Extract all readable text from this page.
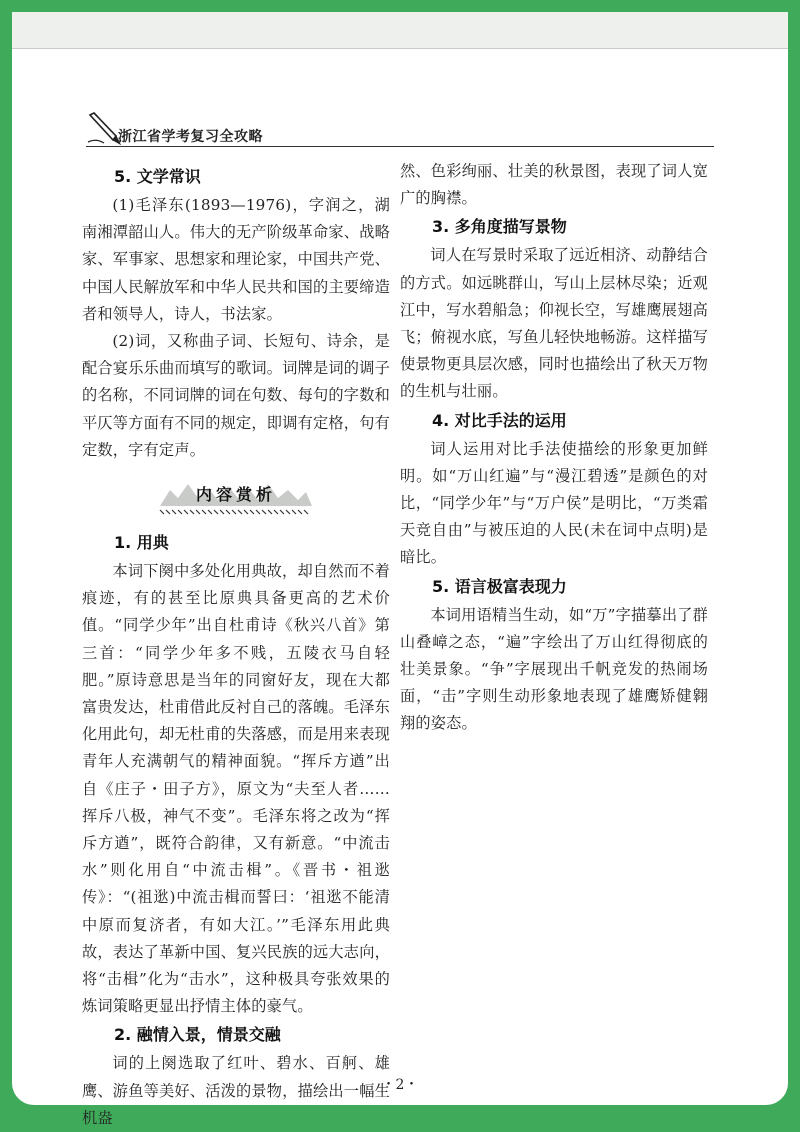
浙江省学考复习全攻略

5. 文学常识

(1)毛泽东(1893—1976)，字润之，湖南湘潭韶山人。伟大的无产阶级革命家、战略家、军事家、思想家和理论家，中国共产党、中国人民解放军和中华人民共和国的主要缔造者和领导人，诗人，书法家。

(2)词，又称曲子词、长短句、诗余，是配合宴乐乐曲而填写的歌词。词牌是词的调子的名称，不同词牌的词在句数、每句的字数和平仄等方面有不同的规定，即调有定格，句有定数，字有定声。

内容赏析

1. 用典

本词下阕中多处化用典故，却自然而不着痕迹，有的甚至比原典具备更高的艺术价值。“同学少年”出自杜甫诗《秋兴八首》第三首：“同学少年多不贱，五陵衣马自轻肥。”原诗意思是当年的同窗好友，现在大都富贵发达，杜甫借此反衬自己的落魄。毛泽东化用此句，却无杜甫的失落感，而是用来表现青年人充满朝气的精神面貌。“挥斥方遒”出自《庄子・田子方》，原文为“夫至人者……挥斥八极，神气不变”。毛泽东将之改为“挥斥方遒”，既符合韵律，又有新意。“中流击水”则化用自“中流击楫”。《晋书・祖逖传》：“(祖逖)中流击楫而誓曰：‘祖逖不能清中原而复济者，有如大江。’”毛泽东用此典故，表达了革新中国、复兴民族的远大志向，将“击楫”化为“击水”，这种极具夸张效果的炼词策略更显出抒情主体的豪气。

2. 融情入景，情景交融

词的上阕选取了红叶、碧水、百舸、雄鹰、游鱼等美好、活泼的景物，描绘出一幅生机盎

然、色彩绚丽、壮美的秋景图，表现了词人宽广的胸襟。

3. 多角度描写景物

词人在写景时采取了远近相济、动静结合的方式。如远眺群山，写山上层林尽染；近观江中，写水碧船急；仰视长空，写雄鹰展翅高飞；俯视水底，写鱼儿轻快地畅游。这样描写使景物更具层次感，同时也描绘出了秋天万物的生机与壮丽。

4. 对比手法的运用

词人运用对比手法使描绘的形象更加鲜明。如“万山红遍”与“漫江碧透”是颜色的对比，“同学少年”与“万户侯”是明比，“万类霜天竞自由”与被压迫的人民(未在词中点明)是暗比。

5. 语言极富表现力

本词用语精当生动，如“万”字描摹出了群山叠嶂之态，“遍”字绘出了万山红得彻底的壮美景象。“争”字展现出千帆竞发的热闹场面，“击”字则生动形象地表现了雄鹰矫健翱翔的姿态。

・2・
